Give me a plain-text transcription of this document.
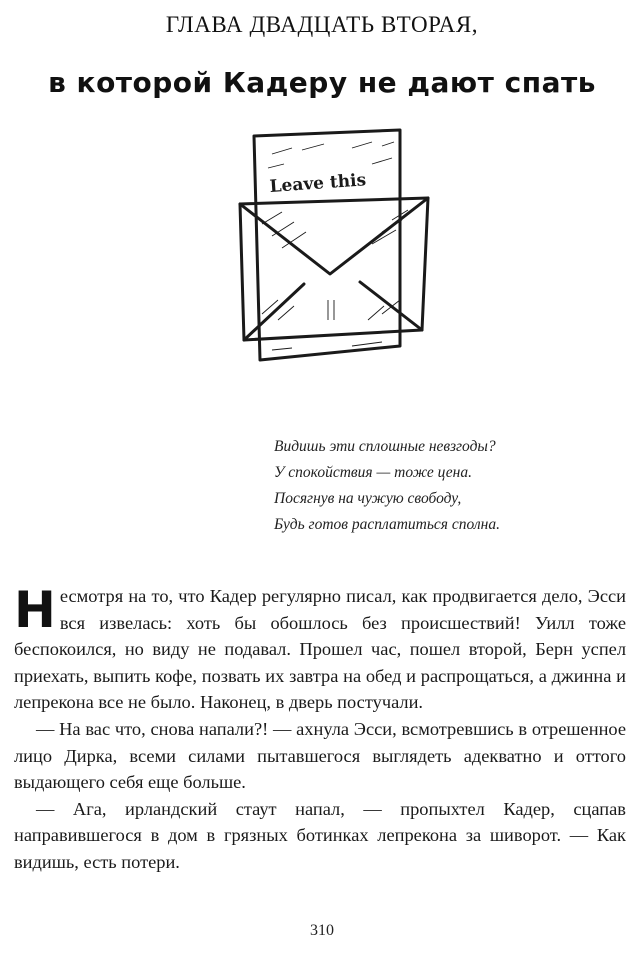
ГЛАВА ДВАДЦАТЬ ВТОРАЯ,
в которой Кадеру не дают спать
Leave this
Видишь эти сплошные невзгоды?
У спокойствия — тоже цена.
Посягнув на чужую свободу,
Будь готов расплатиться сполна.

Несмотря на то, что Кадер регулярно писал, как продвигается дело, Эсси вся извелась: хоть бы обошлось без происшествий! Уилл тоже беспокоился, но виду не подавал. Прошел час, пошел второй, Берн успел приехать, выпить кофе, позвать их завтра на обед и распрощаться, а джинна и лепрекона все не было. Наконец, в дверь постучали.

— На вас что, снова напали?! — ахнула Эсси, всмотревшись в отрешенное лицо Дирка, всеми силами пытавшегося выглядеть адекватно и оттого выдающего себя еще больше.

— Ага, ирландский стаут напал, — пропыхтел Кадер, сцапав направившегося в дом в грязных ботинках лепрекона за шиворот. — Как видишь, есть потери.

310
